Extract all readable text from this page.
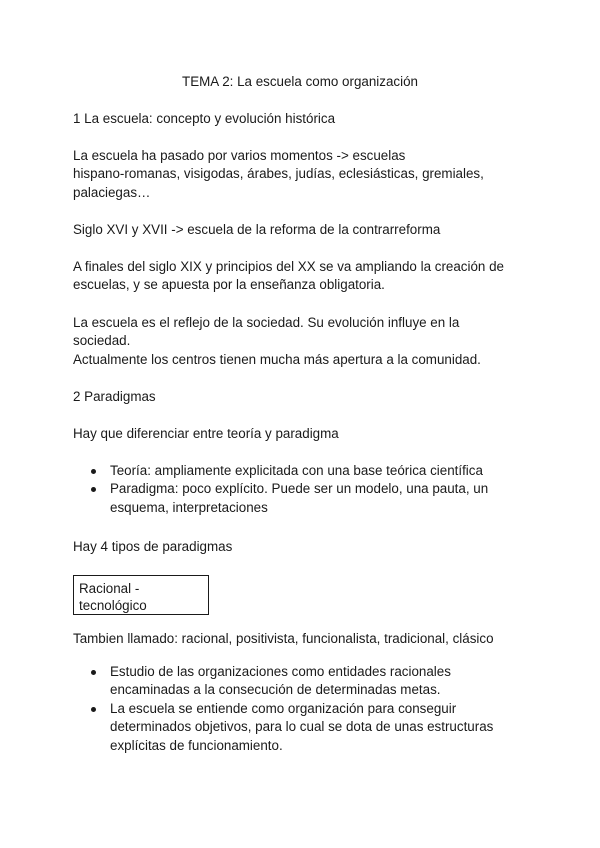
TEMA 2: La escuela como organización
1 La escuela: concepto y evolución histórica
La escuela ha pasado por varios momentos -> escuelas
hispano-romanas, visigodas, árabes, judías, eclesiásticas, gremiales,
palaciegas…
Siglo XVI y XVII -> escuela de la reforma de la contrarreforma
A finales del siglo XIX y principios del XX se va ampliando la creación de
escuelas, y se apuesta por la enseñanza obligatoria.
La escuela es el reflejo de la sociedad. Su evolución influye en la
sociedad.
Actualmente los centros tienen mucha más apertura a la comunidad.
2 Paradigmas
Hay que diferenciar entre teoría y paradigma
Teoría: ampliamente explicitada con una base teórica científica
Paradigma: poco explícito. Puede ser un modelo, una pauta, un
esquema, interpretaciones
Hay 4 tipos de paradigmas
Racional -
tecnológico
Tambien llamado: racional, positivista, funcionalista, tradicional, clásico
Estudio de las organizaciones como entidades racionales
encaminadas a la consecución de determinadas metas.
La escuela se entiende como organización para conseguir
determinados objetivos, para lo cual se dota de unas estructuras
explícitas de funcionamiento.
